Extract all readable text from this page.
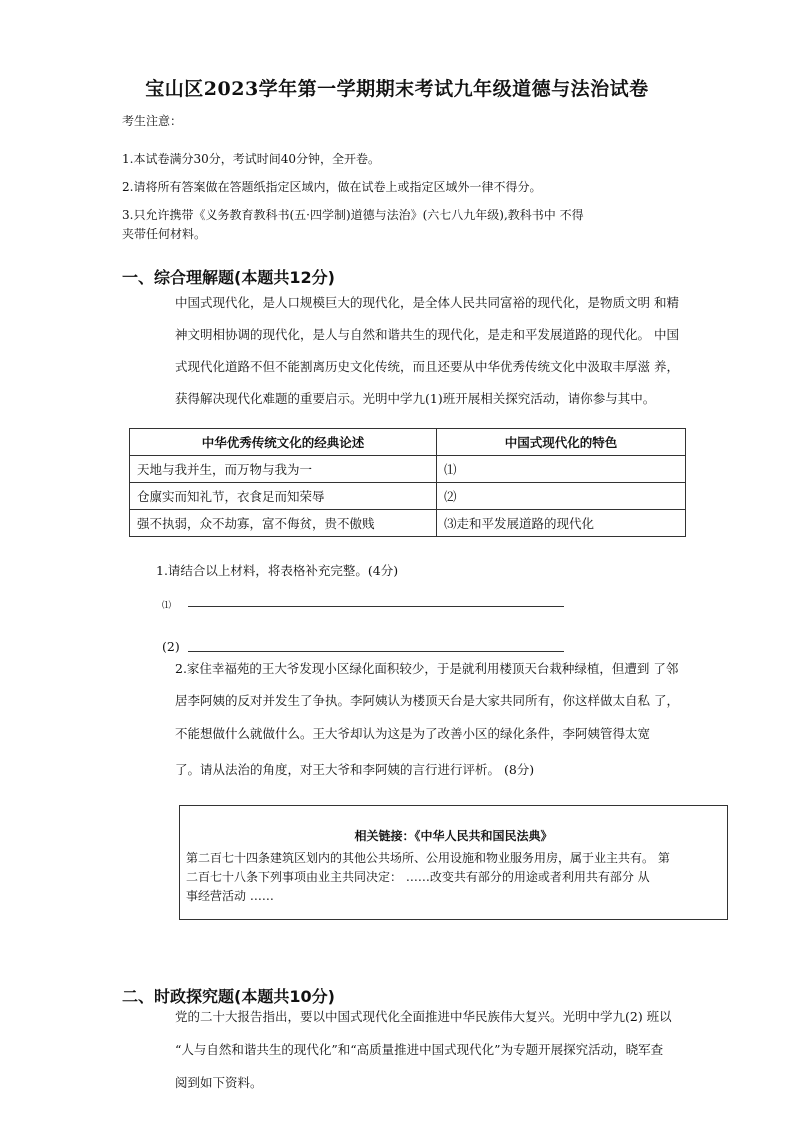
宝山区2023学年第一学期期末考试九年级道德与法治试卷
考生注意：
1.本试卷满分30分，考试时间40分钟，全开卷。
2.请将所有答案做在答题纸指定区域内，做在试卷上或指定区域外一律不得分。
3.只允许携带《义务教育教科书(五·四学制)道德与法治》(六七八九年级),教科书中 不得
夹带任何材料。
一、综合理解题(本题共12分)
中国式现代化，是人口规模巨大的现代化，是全体人民共同富裕的现代化，是物质文明 和精
神文明相协调的现代化，是人与自然和谐共生的现代化，是走和平发展道路的现代化。 中国
式现代化道路不但不能割离历史文化传统，而且还要从中华优秀传统文化中汲取丰厚滋 养，
获得解决现代化难题的重要启示。光明中学九(1)班开展相关探究活动，请你参与其中。
中华优秀传统文化的经典论述	中国式现代化的特色
天地与我并生，而万物与我为一	⑴
仓廪实而知礼节，衣食足而知荣辱	⑵
强不执弱，众不劫寡，富不侮贫，贵不傲贱	⑶走和平发展道路的现代化
1.请结合以上材料，将表格补充完整。(4分)
⑴
(2)
2.家住幸福苑的王大爷发现小区绿化面积较少，于是就利用楼顶天台栽种绿植，但遭到 了邻
居李阿姨的反对并发生了争执。李阿姨认为楼顶天台是大家共同所有，你这样做太自私 了，
不能想做什么就做什么。王大爷却认为这是为了改善小区的绿化条件，李阿姨管得太宽
了。请从法治的角度，对王大爷和李阿姨的言行进行评析。 (8分)
相关链接：《中华人民共和国民法典》
第二百七十四条建筑区划内的其他公共场所、公用设施和物业服务用房，属于业主共有。 第
二百七十八条下列事项由业主共同决定： ……改变共有部分的用途或者利用共有部分 从
事经营活动 ……
二、时政探究题(本题共10分)
党的二十大报告指出，要以中国式现代化全面推进中华民族伟大复兴。光明中学九(2) 班以
“人与自然和谐共生的现代化”和“高质量推进中国式现代化”为专题开展探究活动，晓军查
阅到如下资料。
